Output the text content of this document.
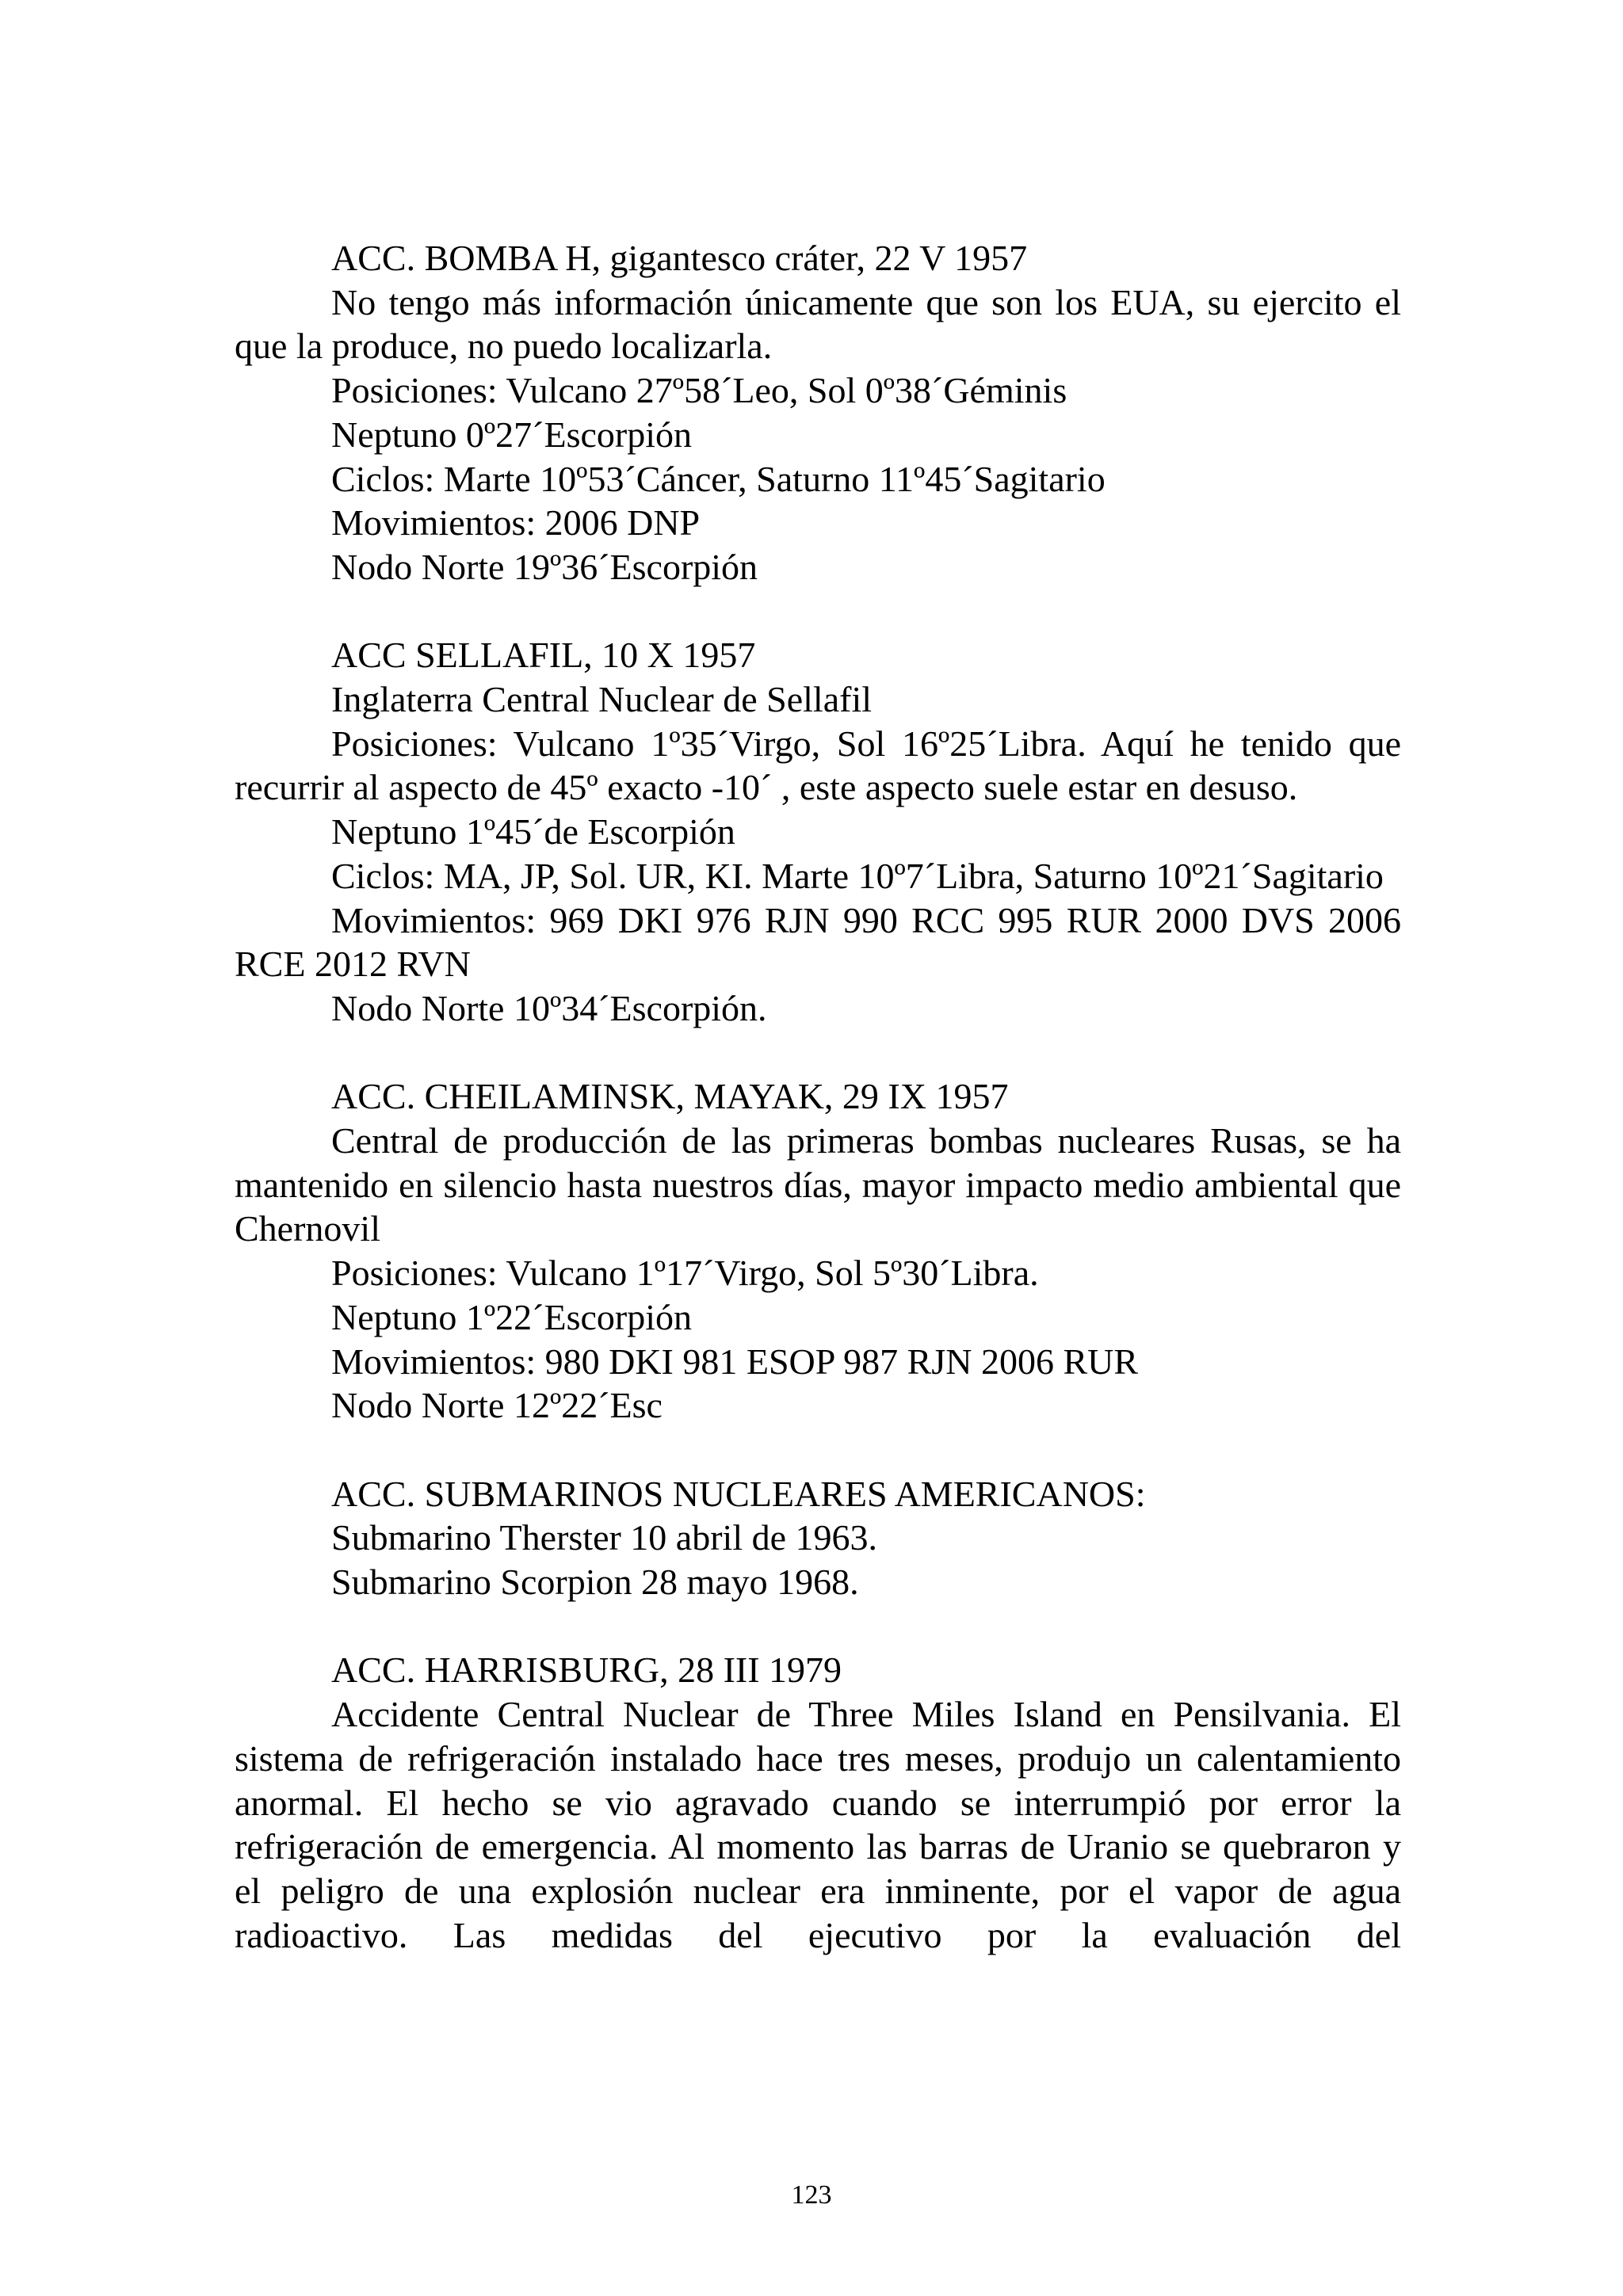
ACC. BOMBA H, gigantesco cráter, 22 V 1957

No tengo más información únicamente que son los EUA, su ejercito el que la produce, no puedo localizarla.

Posiciones: Vulcano 27º58´Leo, Sol 0º38´Géminis

Neptuno 0º27´Escorpión

Ciclos: Marte 10º53´Cáncer, Saturno 11º45´Sagitario

Movimientos: 2006 DNP

Nodo Norte 19º36´Escorpión

ACC SELLAFIL, 10 X 1957

Inglaterra Central Nuclear de Sellafil

Posiciones: Vulcano 1º35´Virgo, Sol 16º25´Libra. Aquí he tenido que recurrir al aspecto de 45º exacto -10´ , este aspecto suele estar en desuso.

Neptuno 1º45´de Escorpión

Ciclos: MA, JP, Sol. UR, KI. Marte 10º7´Libra, Saturno 10º21´Sagitario

Movimientos: 969 DKI 976 RJN 990 RCC 995 RUR 2000 DVS 2006 RCE 2012 RVN

Nodo Norte 10º34´Escorpión.

ACC. CHEILAMINSK, MAYAK, 29 IX 1957

Central de producción de las primeras bombas nucleares Rusas, se ha mantenido en silencio hasta nuestros días, mayor impacto medio ambiental que Chernovil

Posiciones: Vulcano 1º17´Virgo, Sol 5º30´Libra.

Neptuno 1º22´Escorpión

Movimientos: 980 DKI 981 ESOP 987 RJN 2006 RUR

Nodo Norte 12º22´Esc

ACC. SUBMARINOS NUCLEARES AMERICANOS:

Submarino Therster 10 abril de 1963.

Submarino Scorpion 28 mayo 1968.

ACC. HARRISBURG, 28 III 1979

Accidente Central Nuclear de Three Miles Island en Pensilvania. El sistema de refrigeración instalado hace tres meses, produjo un calentamiento anormal. El hecho se vio agravado cuando se interrumpió por error la refrigeración de emergencia. Al momento las barras de Uranio se quebraron y el peligro de una explosión nuclear era inminente, por el vapor de agua radioactivo. Las medidas del ejecutivo por la evaluación del

123
